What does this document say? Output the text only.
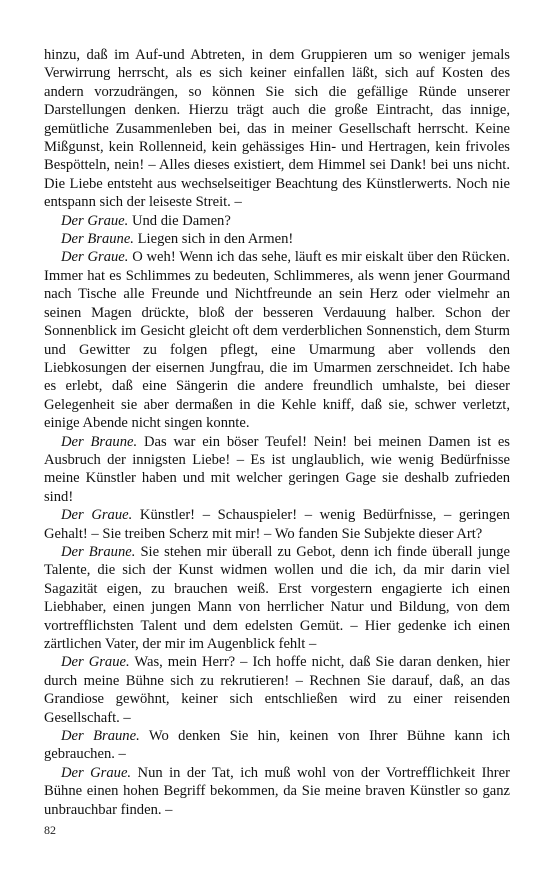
hinzu, daß im Auf-und Abtreten, in dem Gruppieren um so weniger jemals Verwirrung herrscht, als es sich keiner einfallen läßt, sich auf Kosten des andern vorzudrängen, so können Sie sich die gefällige Ründe unserer Darstellungen denken. Hierzu trägt auch die große Eintracht, das innige, gemütliche Zusammenleben bei, das in meiner Gesellschaft herrscht. Keine Mißgunst, kein Rollenneid, kein gehässiges Hin- und Hertragen, kein frivoles Bespötteln, nein! – Alles dieses existiert, dem Himmel sei Dank! bei uns nicht. Die Liebe entsteht aus wechselseitiger Beachtung des Künstlerwerts. Noch nie entspann sich der leiseste Streit. –

Der Graue. Und die Damen?

Der Braune. Liegen sich in den Armen!

Der Graue. O weh! Wenn ich das sehe, läuft es mir eiskalt über den Rücken. Immer hat es Schlimmes zu bedeuten, Schlimmeres, als wenn jener Gourmand nach Tische alle Freunde und Nichtfreunde an sein Herz oder vielmehr an seinen Magen drückte, bloß der besseren Verdauung halber. Schon der Sonnenblick im Gesicht gleicht oft dem verderblichen Sonnenstich, dem Sturm und Gewitter zu folgen pflegt, eine Umarmung aber vollends den Liebkosungen der eisernen Jungfrau, die im Umarmen zerschneidet. Ich habe es erlebt, daß eine Sängerin die andere freundlich umhalste, bei dieser Gelegenheit sie aber dermaßen in die Kehle kniff, daß sie, schwer verletzt, einige Abende nicht singen konnte.

Der Braune. Das war ein böser Teufel! Nein! bei meinen Damen ist es Ausbruch der innigsten Liebe! – Es ist unglaublich, wie wenig Bedürfnisse meine Künstler haben und mit welcher geringen Gage sie deshalb zufrieden sind!

Der Graue. Künstler! – Schauspieler! – wenig Bedürfnisse, – geringen Gehalt! – Sie treiben Scherz mit mir! – Wo fanden Sie Subjekte dieser Art?

Der Braune. Sie stehen mir überall zu Gebot, denn ich finde überall junge Talente, die sich der Kunst widmen wollen und die ich, da mir darin viel Sagazität eigen, zu brauchen weiß. Erst vorgestern engagierte ich einen Liebhaber, einen jungen Mann von herrlicher Natur und Bildung, von dem vortrefflichsten Talent und dem edelsten Gemüt. – Hier gedenke ich einen zärtlichen Vater, der mir im Augenblick fehlt –

Der Graue. Was, mein Herr? – Ich hoffe nicht, daß Sie daran denken, hier durch meine Bühne sich zu rekrutieren! – Rechnen Sie darauf, daß, an das Grandiose gewöhnt, keiner sich entschließen wird zu einer reisenden Gesellschaft. –

Der Braune. Wo denken Sie hin, keinen von Ihrer Bühne kann ich gebrauchen. –

Der Graue. Nun in der Tat, ich muß wohl von der Vortrefflichkeit Ihrer Bühne einen hohen Begriff bekommen, da Sie meine braven Künstler so ganz unbrauchbar finden. –

82
